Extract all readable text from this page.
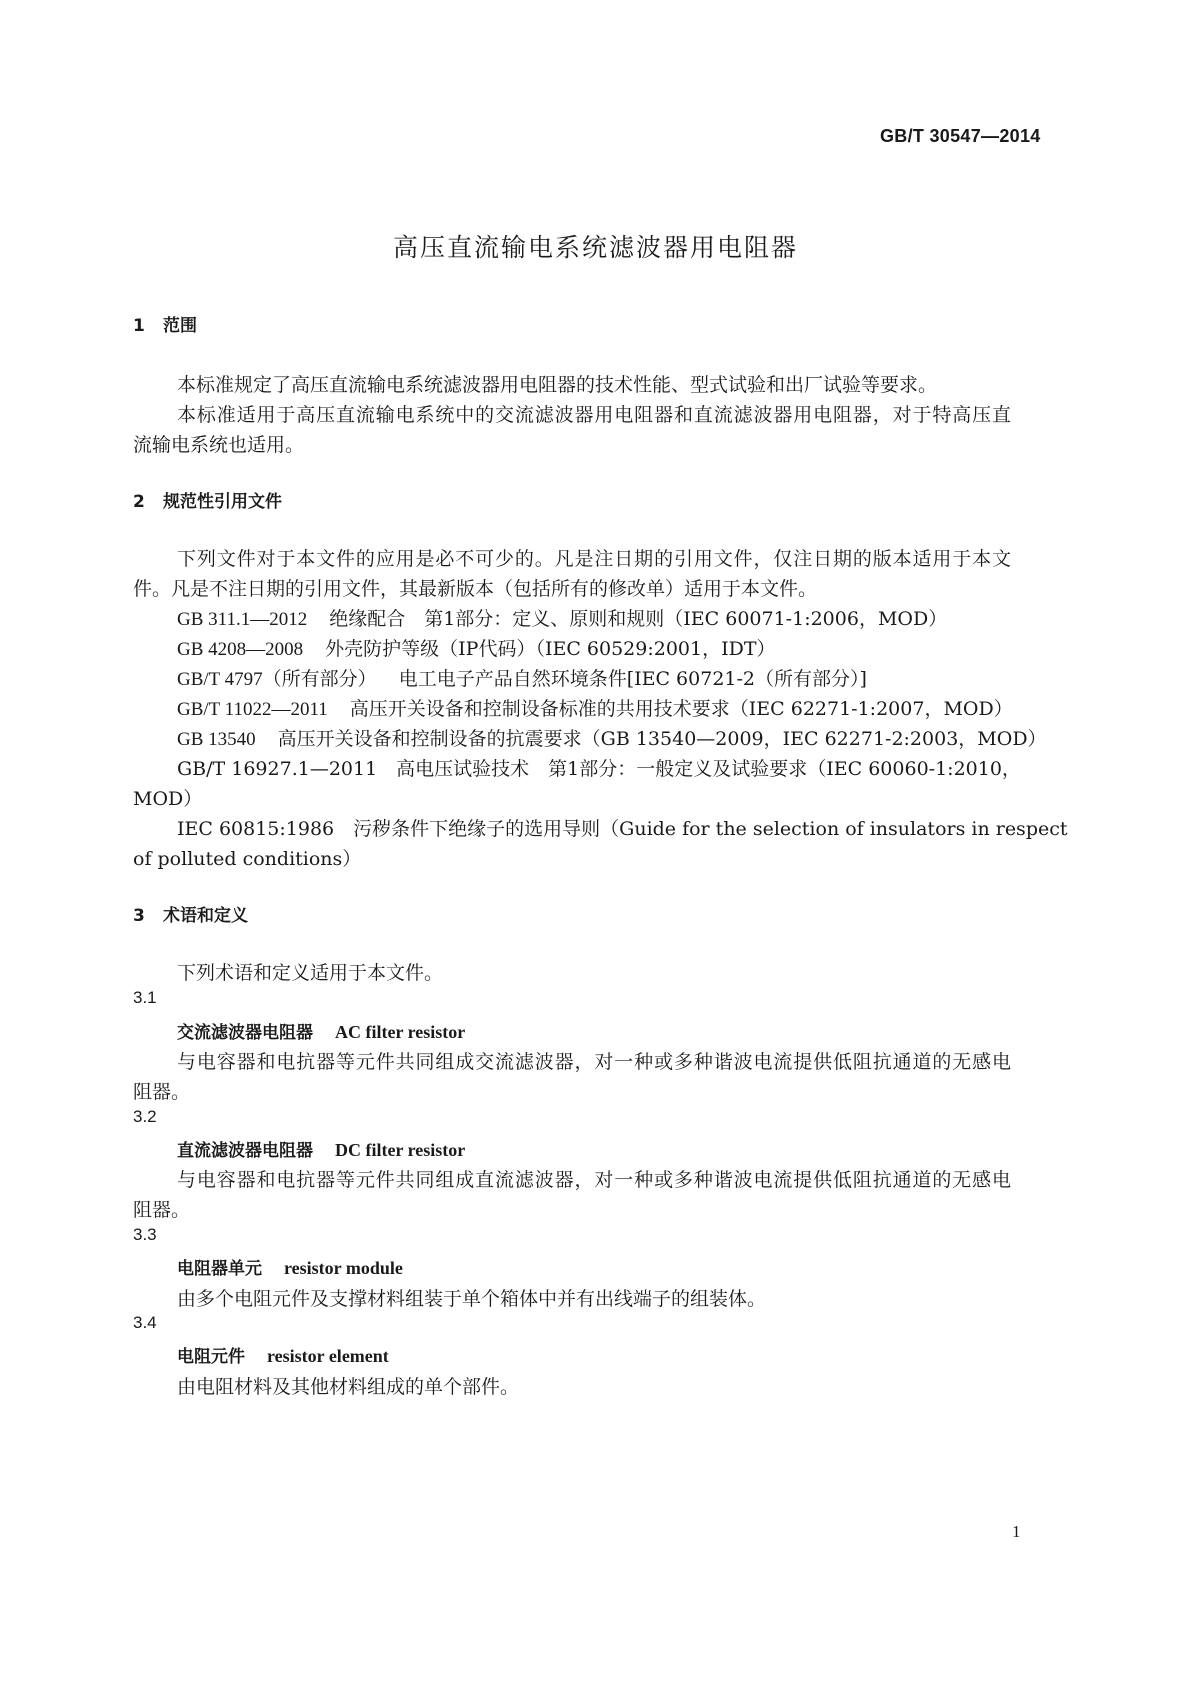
GB/T 30547—2014
高压直流输电系统滤波器用电阻器
1 范围
本标准规定了高压直流输电系统滤波器用电阻器的技术性能、型式试验和出厂试验等要求。
本标准适用于高压直流输电系统中的交流滤波器用电阻器和直流滤波器用电阻器，对于特高压直
流输电系统也适用。
2 规范性引用文件
下列文件对于本文件的应用是必不可少的。凡是注日期的引用文件，仅注日期的版本适用于本文
件。凡是不注日期的引用文件，其最新版本（包括所有的修改单）适用于本文件。
GB 311.1—2012 绝缘配合　第1部分：定义、原则和规则（IEC 60071-1:2006，MOD）
GB 4208—2008 外壳防护等级（IP代码）（IEC 60529:2001，IDT）
GB/T 4797（所有部分） 电工电子产品自然环境条件[IEC 60721-2（所有部分）]
GB/T 11022—2011 高压开关设备和控制设备标准的共用技术要求（IEC 62271-1:2007，MOD）
GB 13540 高压开关设备和控制设备的抗震要求（GB 13540—2009，IEC 62271-2:2003，MOD）
GB/T 16927.1—2011　高电压试验技术　第1部分：一般定义及试验要求（IEC 60060-1:2010，
MOD）
IEC 60815:1986　污秽条件下绝缘子的选用导则（Guide for the selection of insulators in respect
of polluted conditions）
3 术语和定义
下列术语和定义适用于本文件。
3.1
交流滤波器电阻器 AC filter resistor
与电容器和电抗器等元件共同组成交流滤波器，对一种或多种谐波电流提供低阻抗通道的无感电
阻器。
3.2
直流滤波器电阻器 DC filter resistor
与电容器和电抗器等元件共同组成直流滤波器，对一种或多种谐波电流提供低阻抗通道的无感电
阻器。
3.3
电阻器单元 resistor module
由多个电阻元件及支撑材料组装于单个箱体中并有出线端子的组装体。
3.4
电阻元件 resistor element
由电阻材料及其他材料组成的单个部件。
1
